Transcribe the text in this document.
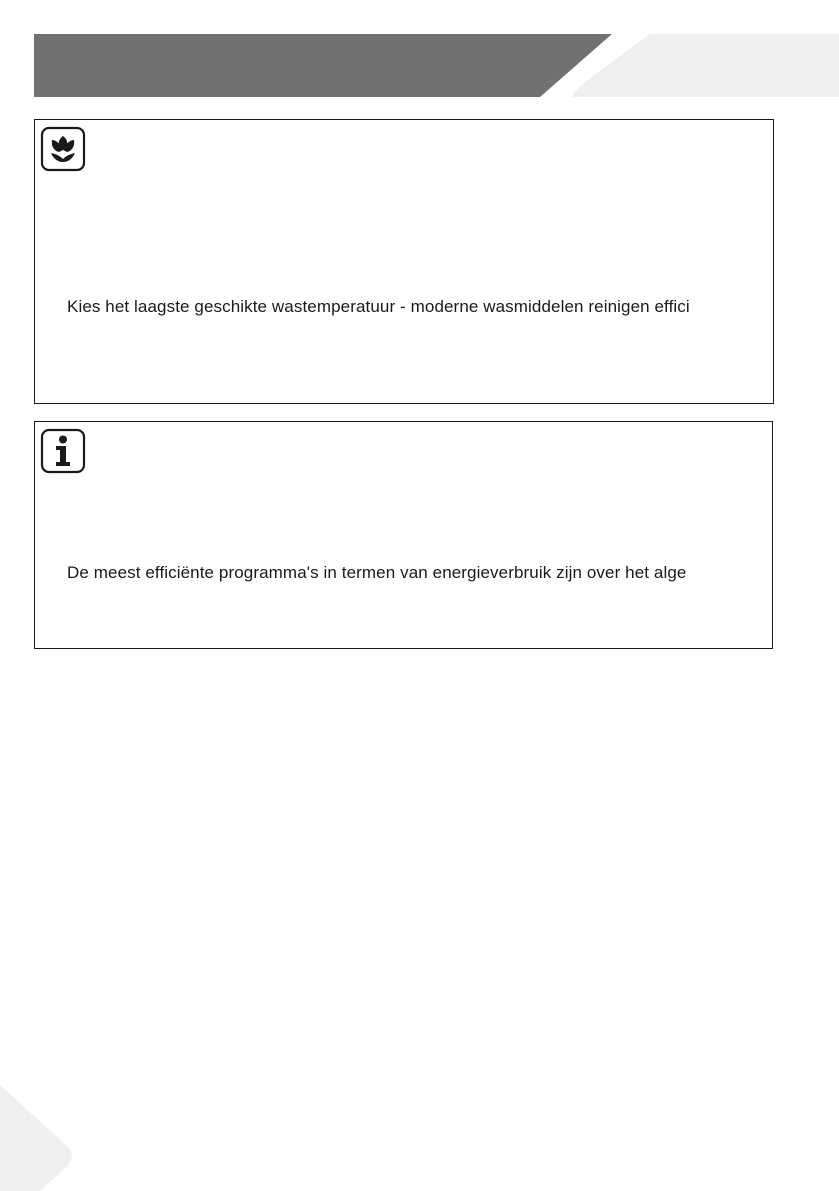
Kies het laagste geschikte wastemperatuur - moderne wasmiddelen reinigen effici
De meest efficiënte programma's in termen van energieverbruik zijn over het alge
